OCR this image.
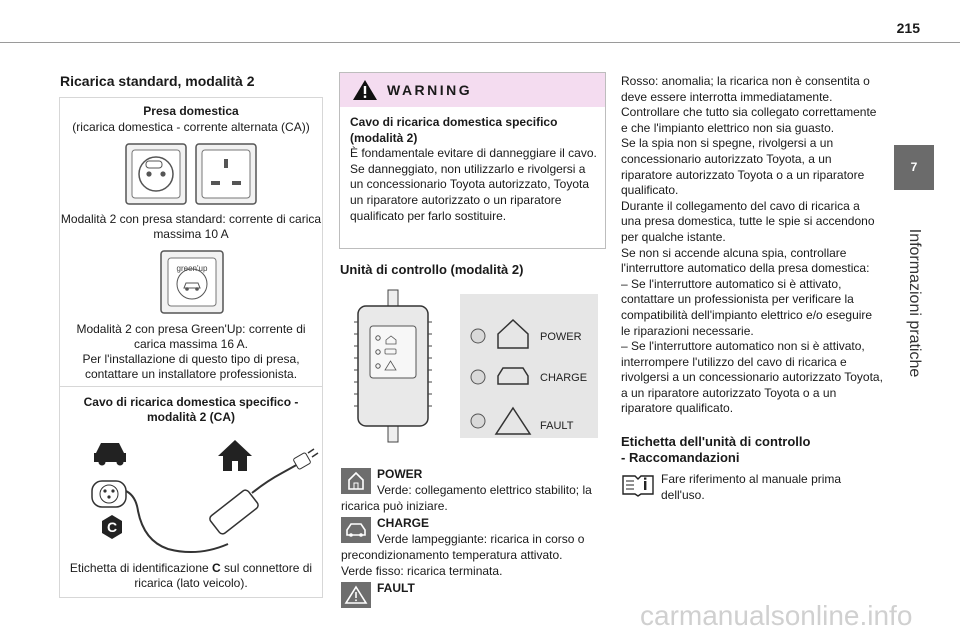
215
7
Informazioni pratiche
Ricarica standard, modalità 2
Presa domestica
(ricarica domestica - corrente alternata (CA))
Modalità 2 con presa standard: corrente di carica massima 10 A
green'up
Modalità 2 con presa Green'Up: corrente di carica massima 16 A.
Per l'installazione di questo tipo di presa, contattare un installatore professionista.
Cavo di ricarica domestica specifico - modalità 2 (CA)
C
Etichetta di identificazione C sul connettore di ricarica (lato veicolo).
WARNING
Cavo di ricarica domestica specifico (modalità 2)
È fondamentale evitare di danneggiare il cavo.
Se danneggiato, non utilizzarlo e rivolgersi a un concessionario Toyota autorizzato, Toyota un riparatore autorizzato o un riparatore qualificato per farlo sostituire.
Unità di controllo (modalità 2)
POWER
CHARGE
FAULT
POWER
Verde: collegamento elettrico stabilito; la
ricarica può iniziare.
CHARGE
Verde lampeggiante: ricarica in corso o
precondizionamento temperatura attivato.
Verde fisso: ricarica terminata.
FAULT
Rosso: anomalia; la ricarica non è consentita o deve essere interrotta immediatamente.
Controllare che tutto sia collegato correttamente e che l'impianto elettrico non sia guasto.
Se la spia non si spegne, rivolgersi a un concessionario autorizzato Toyota, a un riparatore autorizzato Toyota o a un riparatore qualificato.
Durante il collegamento del cavo di ricarica a una presa domestica, tutte le spie si accendono per qualche istante.
Se non si accende alcuna spia, controllare l'interruttore automatico della presa domestica:
– Se l'interruttore automatico si è attivato, contattare un professionista per verificare la compatibilità dell'impianto elettrico e/o eseguire le riparazioni necessarie.
– Se l'interruttore automatico non si è attivato, interrompere l'utilizzo del cavo di ricarica e rivolgersi a un concessionario autorizzato Toyota, a un riparatore autorizzato Toyota o a un riparatore qualificato.
Etichetta dell'unità di controllo
- Raccomandazioni
Fare riferimento al manuale prima dell'uso.
carmanualsonline.info
